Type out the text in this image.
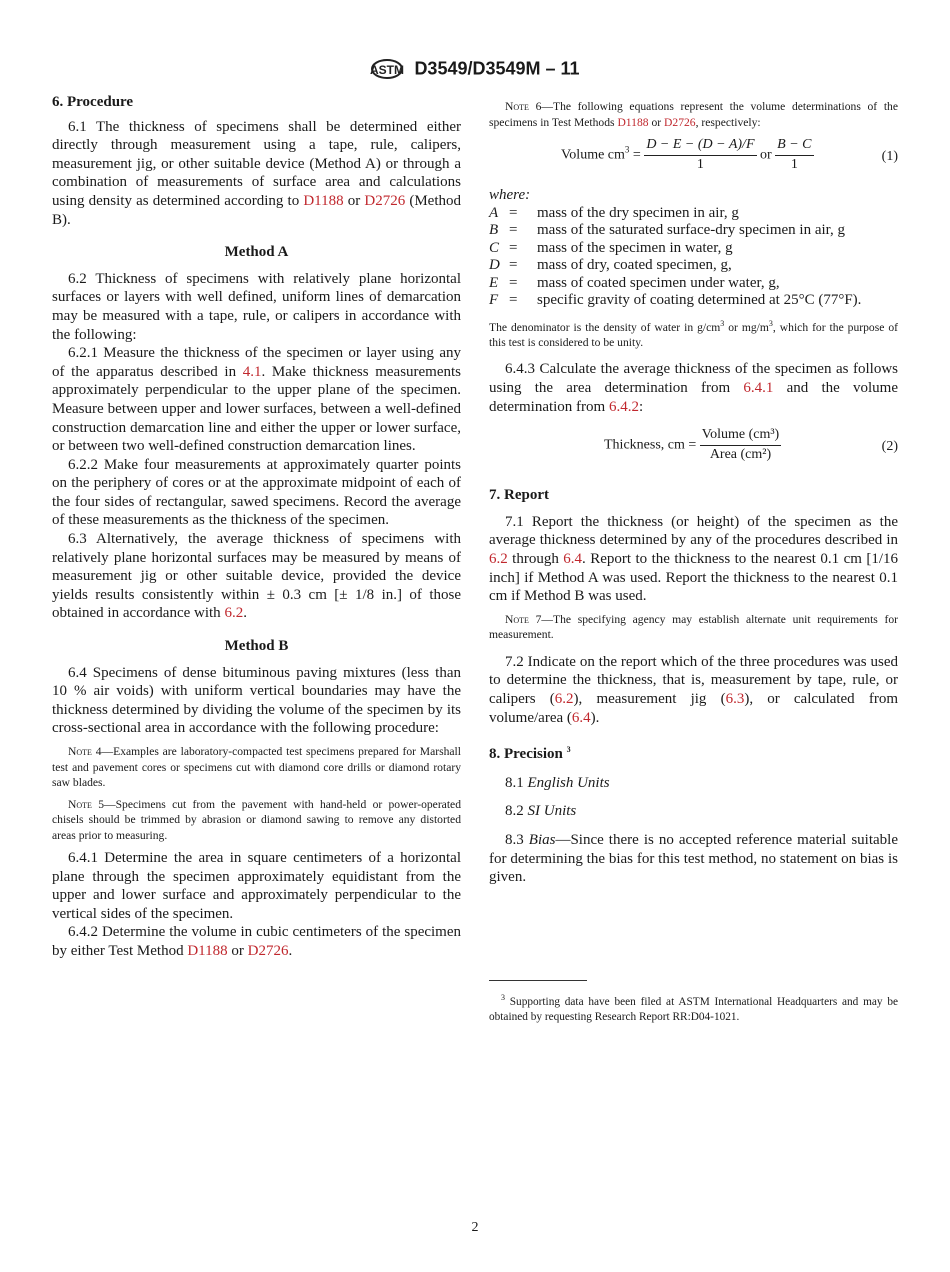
ASTM D3549/D3549M – 11
6. Procedure

6.1 The thickness of specimens shall be determined either directly through measurement using a tape, rule, calipers, measurement jig, or other suitable device (Method A) or through a combination of measurements of surface area and calculations using density as determined according to D1188 or D2726 (Method B).

Method A

6.2 Thickness of specimens with relatively plane horizontal surfaces or layers with well defined, uniform lines of demarcation may be measured with a tape, rule, or calipers in accordance with the following:

6.2.1 Measure the thickness of the specimen or layer using any of the apparatus described in 4.1. Make thickness measurements approximately perpendicular to the upper plane of the specimen. Measure between upper and lower surfaces, between a well-defined construction demarcation line and either the upper or lower surface, or between two well-defined construction demarcation lines.

6.2.2 Make four measurements at approximately quarter points on the periphery of cores or at the approximate midpoint of each of the four sides of rectangular, sawed specimens. Record the average of these measurements as the thickness of the specimen.

6.3 Alternatively, the average thickness of specimens with relatively plane horizontal surfaces may be measured by means of measurement jig or other suitable device, provided the device yields results consistently within ± 0.3 cm [± 1/8 in.] of those obtained in accordance with 6.2.

Method B

6.4 Specimens of dense bituminous paving mixtures (less than 10 % air voids) with uniform vertical boundaries may have the thickness determined by dividing the volume of the specimen by its cross-sectional area in accordance with the following procedure:

Note 4—Examples are laboratory-compacted test specimens prepared for Marshall test and pavement cores or specimens cut with diamond core drills or diamond rotary saw blades.

Note 5—Specimens cut from the pavement with hand-held or power-operated chisels should be trimmed by abrasion or diamond sawing to remove any distorted areas prior to measuring.

6.4.1 Determine the area in square centimeters of a horizontal plane through the specimen approximately equidistant from the upper and lower surface and approximately perpendicular to the vertical sides of the specimen.

6.4.2 Determine the volume in cubic centimeters of the specimen by either Test Method D1188 or D2726.

Note 6—The following equations represent the volume determinations of the specimens in Test Methods D1188 or D2726, respectively:

Volume $cm^3 = \frac{D - E - (D - A)/F}{1}$ or $\frac{B - C}{1}$	(1)
where:
A =	mass of the dry specimen in air, g
B =	mass of the saturated surface-dry specimen in air, g
C =	mass of the specimen in water, g
D =	mass of dry, coated specimen, g,
E =	mass of coated specimen under water, g,
F =	specific gravity of coating determined at 25°C (77°F).

The denominator is the density of water in $g/cm^3$ or $mg/m^3$, which for the purpose of this test is considered to be unity.

6.4.3 Calculate the average thickness of the specimen as follows using the area determination from 6.4.1 and the volume determination from 6.4.2:

Thickness, cm = $\frac{\text{Volume (cm³)}}{\text{Area (cm²)}}$	(2)
7. Report

7.1 Report the thickness (or height) of the specimen as the average thickness determined by any of the procedures described in 6.2 through 6.4. Report to the thickness to the nearest 0.1 cm [1/16 inch] if Method A was used. Report the thickness to the nearest 0.1 cm if Method B was used.

Note 7—The specifying agency may establish alternate unit requirements for measurement.

7.2 Indicate on the report which of the three procedures was used to determine the thickness, that is, measurement by tape, rule, or calipers (6.2), measurement jig (6.3), or calculated from volume/area (6.4).

8. Precision $^3$

8.1 English Units

8.2 SI Units

8.3 Bias—Since there is no accepted reference material suitable for determining the bias for this test method, no statement on bias is given.

$^3$ Supporting data have been filed at ASTM International Headquarters and may be obtained by requesting Research Report RR:D04-1021.
2
